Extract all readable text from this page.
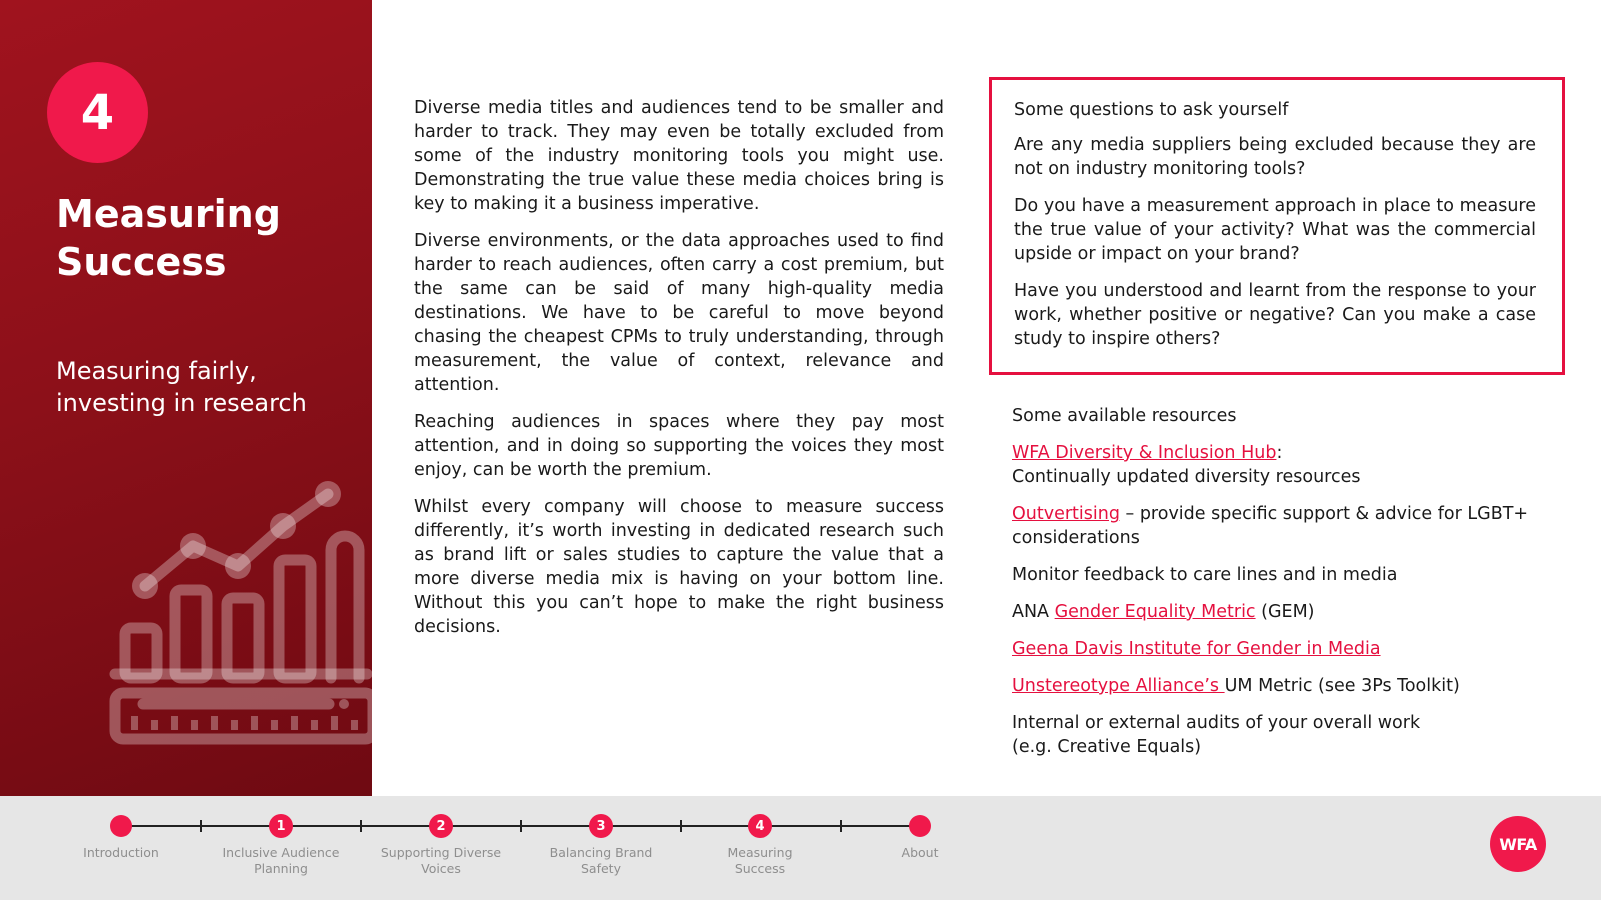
4
Measuring Success
Measuring fairly, investing in research

Diverse media titles and audiences tend to be smaller and harder to track. They may even be totally excluded from some of the industry monitoring tools you might use. Demonstrating the true value these media choices bring is key to making it a business imperative.

Diverse environments, or the data approaches used to find harder to reach audiences, often carry a cost premium, but the same can be said of many high-quality media destinations. We have to be careful to move beyond chasing the cheapest CPMs to truly understanding, through measurement, the value of context, relevance and attention.

Reaching audiences in spaces where they pay most attention, and in doing so supporting the voices they most enjoy, can be worth the premium.

Whilst every company will choose to measure success differently, it’s worth investing in dedicated research such as brand lift or sales studies to capture the value that a more diverse media mix is having on your bottom line. Without this you can’t hope to make the right business decisions.

Some questions to ask yourself

Are any media suppliers being excluded because they are not on industry monitoring tools?

Do you have a measurement approach in place to measure the true value of your activity? What was the commercial upside or impact on your brand?

Have you understood and learnt from the response to your work, whether positive or negative? Can you make a case study to inspire others?

Some available resources

WFA Diversity & Inclusion Hub:
Continually updated diversity resources

Outvertising – provide specific support & advice for LGBT+ considerations

Monitor feedback to care lines and in media

ANA Gender Equality Metric (GEM)

Geena Davis Institute for Gender in Media

Unstereotype Alliance’s UM Metric (see 3Ps Toolkit)

Internal or external audits of your overall work
(e.g. Creative Equals)

Introduction
1
Inclusive Audience
Planning
2
Supporting Diverse
Voices
3
Balancing Brand
Safety
4
Measuring
Success
About	WFA
